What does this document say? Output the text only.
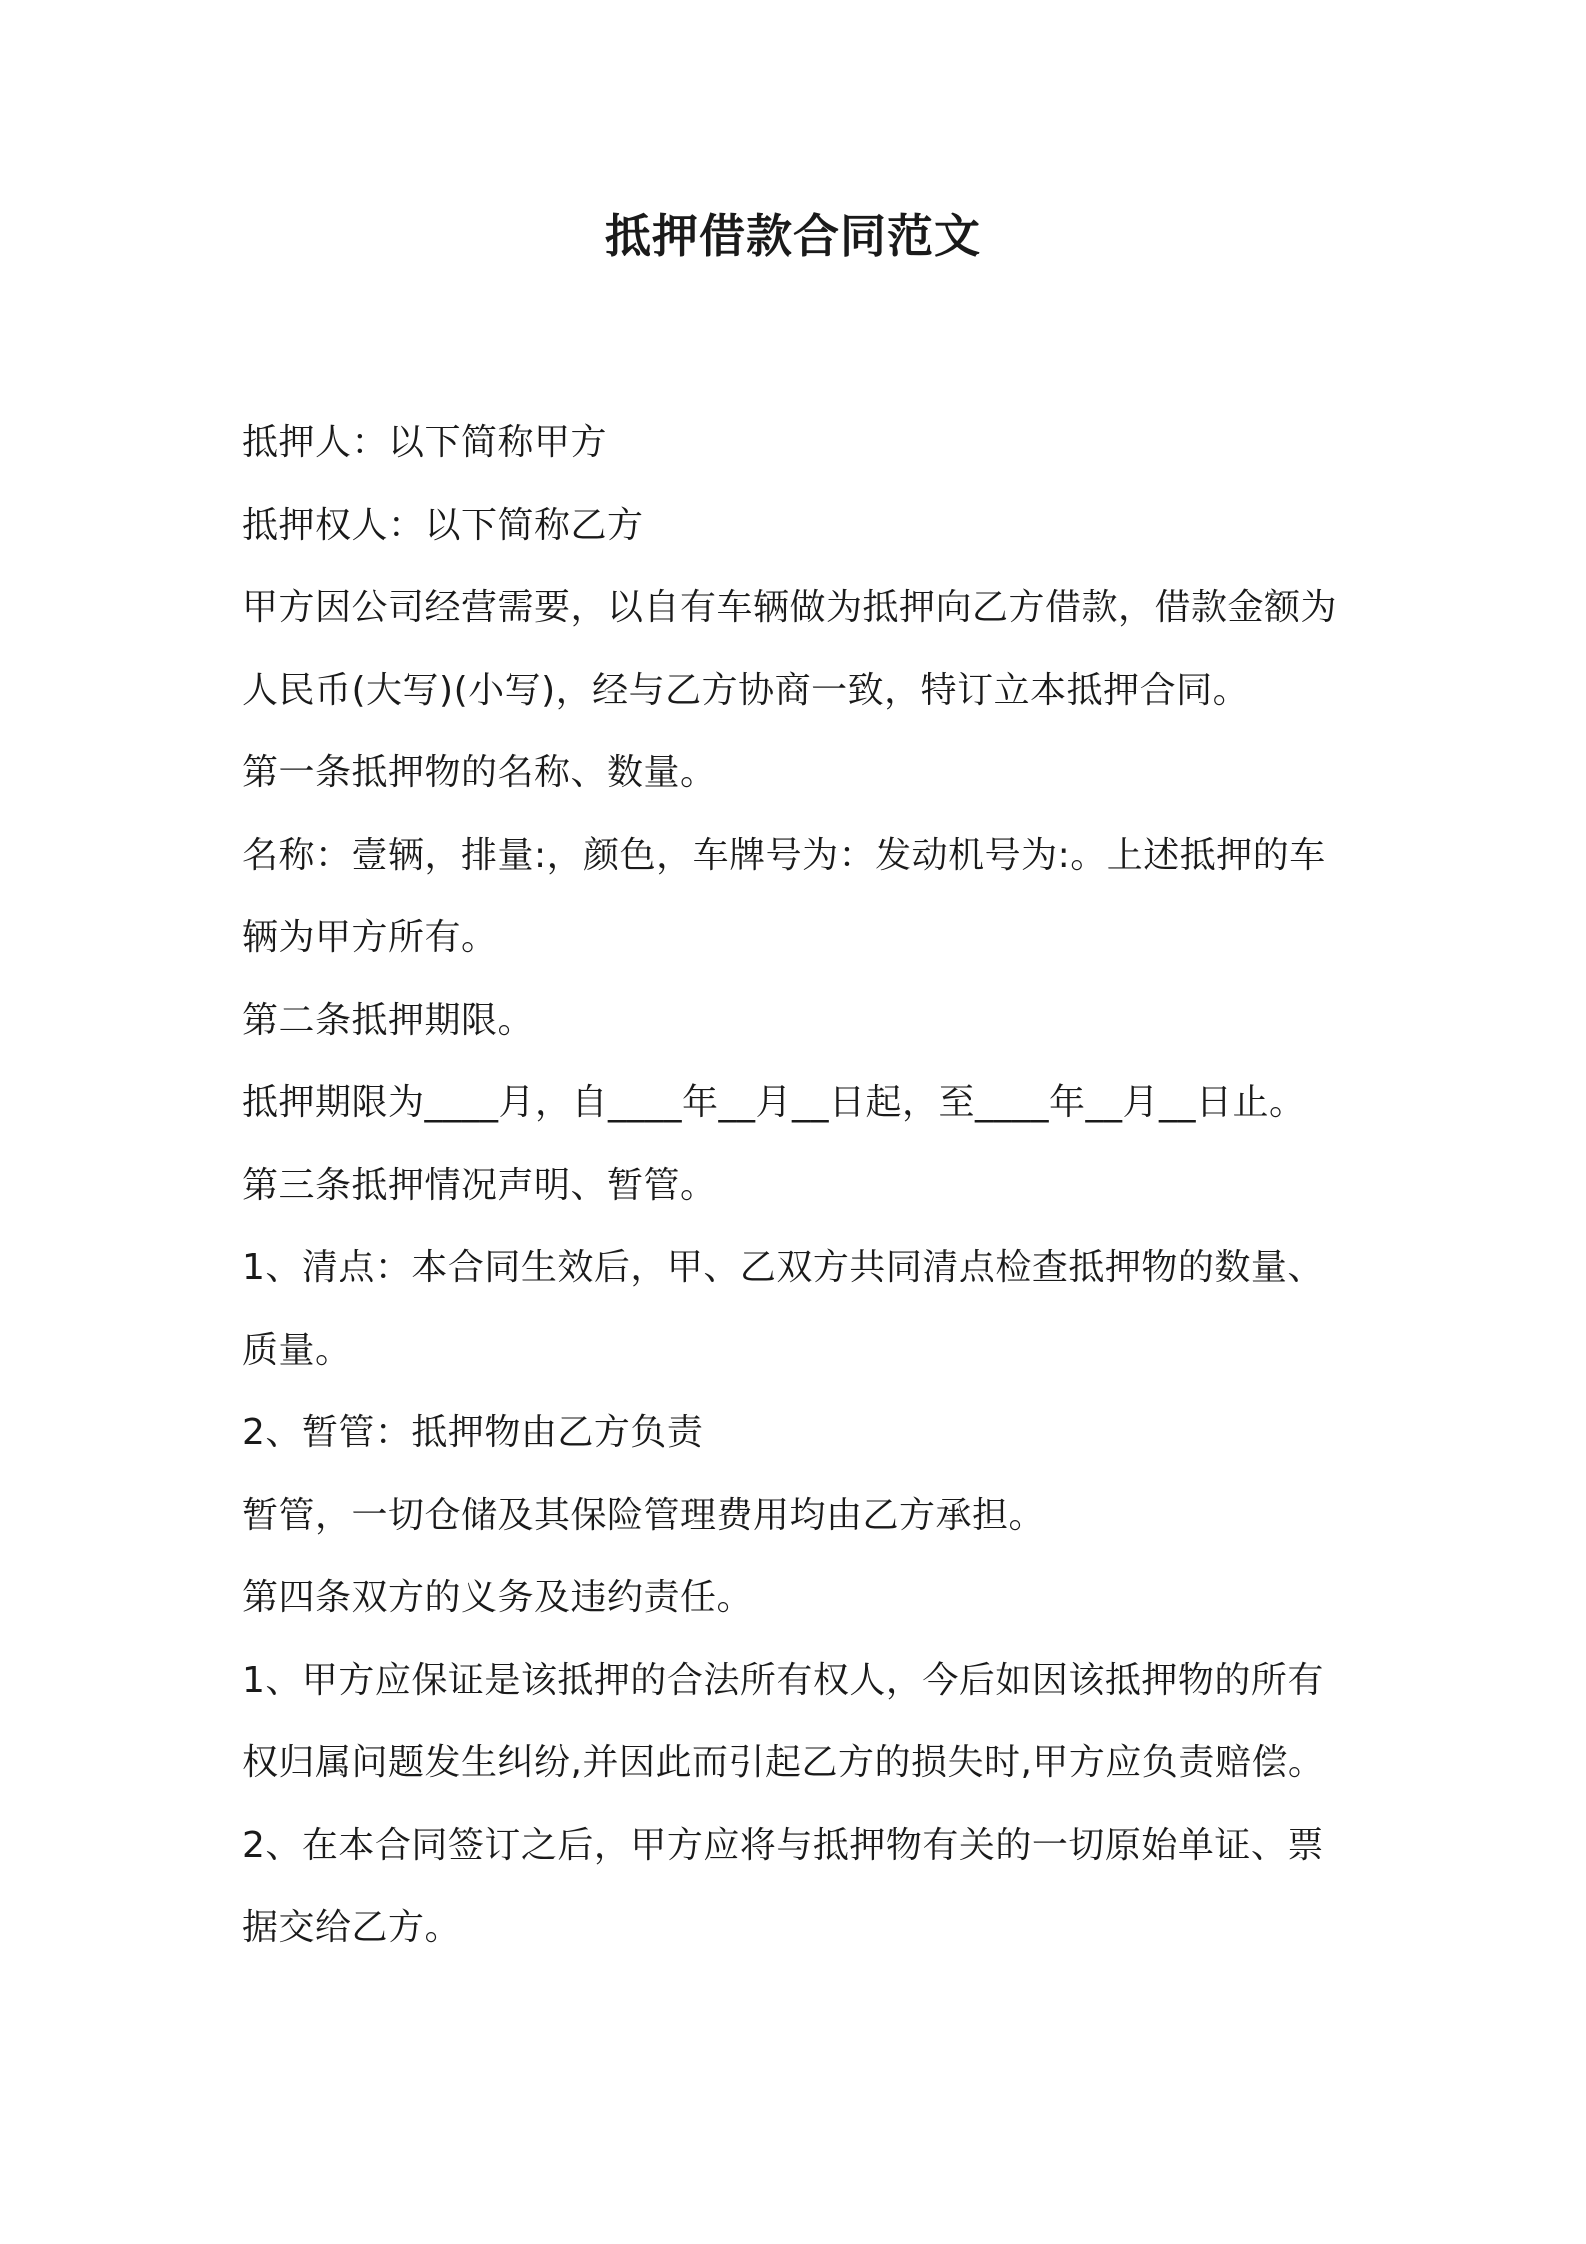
抵押借款合同范文
抵押人：以下简称甲方
抵押权人：以下简称乙方
甲方因公司经营需要，以自有车辆做为抵押向乙方借款，借款金额为
人民币(大写)(小写)，经与乙方协商一致，特订立本抵押合同。
第一条抵押物的名称、数量。
名称：壹辆，排量:，颜色，车牌号为：发动机号为:。上述抵押的车
辆为甲方所有。
第二条抵押期限。
抵押期限为____月，自____年__月__日起，至____年__月__日止。
第三条抵押情况声明、暂管。
1、清点：本合同生效后，甲、乙双方共同清点检查抵押物的数量、
质量。
2、暂管：抵押物由乙方负责
暂管，一切仓储及其保险管理费用均由乙方承担。
第四条双方的义务及违约责任。
1、甲方应保证是该抵押的合法所有权人，今后如因该抵押物的所有
权归属问题发生纠纷,并因此而引起乙方的损失时,甲方应负责赔偿。
2、在本合同签订之后，甲方应将与抵押物有关的一切原始单证、票
据交给乙方。
